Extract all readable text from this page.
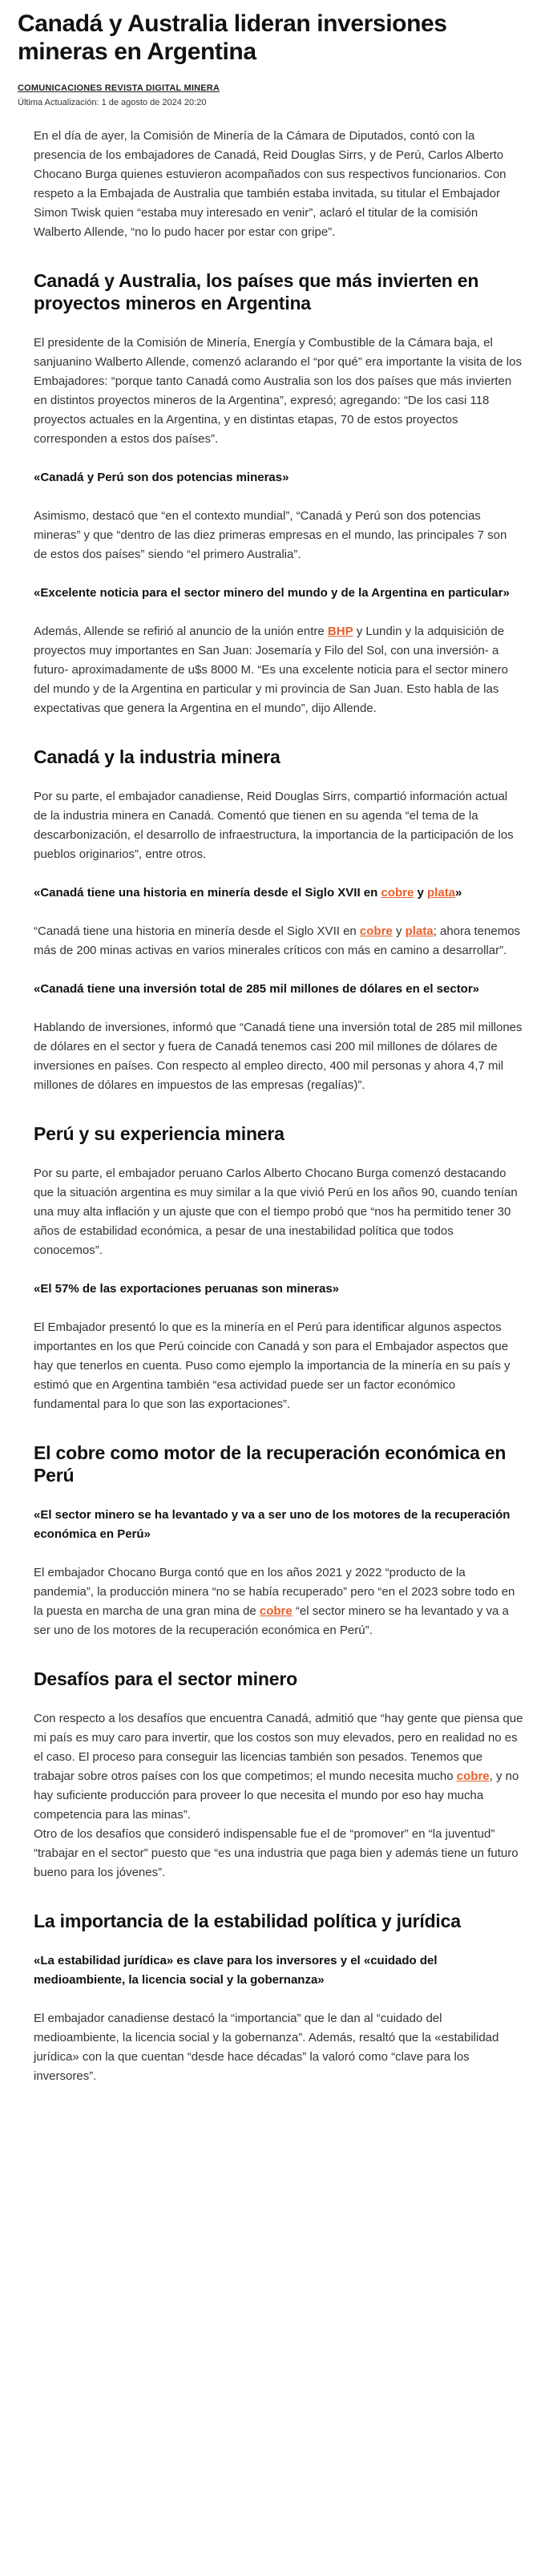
Canadá y Australia lideran inversiones mineras en Argentina
COMUNICACIONES REVISTA DIGITAL MINERA
Última Actualización: 1 de agosto de 2024 20:20

En el día de ayer, la Comisión de Minería de la Cámara de Diputados, contó con la presencia de los embajadores de Canadá, Reid Douglas Sirrs, y de Perú, Carlos Alberto Chocano Burga quienes estuvieron acompañados con sus respectivos funcionarios. Con respeto a la Embajada de Australia que también estaba invitada, su titular el Embajador Simon Twisk quien “estaba muy interesado en venir”, aclaró el titular de la comisión Walberto Allende, “no lo pudo hacer por estar con gripe”.

Canadá y Australia, los países que más invierten en proyectos mineros en Argentina

El presidente de la Comisión de Minería, Energía y Combustible de la Cámara baja, el sanjuanino Walberto Allende, comenzó aclarando el “por qué” era importante la visita de los Embajadores: “porque tanto Canadá como Australia son los dos países que más invierten en distintos proyectos mineros de la Argentina”, expresó; agregando: “De los casi 118 proyectos actuales en la Argentina, y en distintas etapas, 70 de estos proyectos corresponden a estos dos países”.

«Canadá y Perú son dos potencias mineras»

Asimismo, destacó que “en el contexto mundial”, “Canadá y Perú son dos potencias mineras” y que “dentro de las diez primeras empresas en el mundo, las principales 7 son de estos dos países” siendo “el primero Australia”.

«Excelente noticia para el sector minero del mundo y de la Argentina en particular»

Además, Allende se refirió al anuncio de la unión entre BHP y Lundin y la adquisición de proyectos muy importantes en San Juan: Josemaría y Filo del Sol, con una inversión- a futuro- aproximadamente de u$s 8000 M. “Es una excelente noticia para el sector minero del mundo y de la Argentina en particular y mi provincia de San Juan. Esto habla de las expectativas que genera la Argentina en el mundo”, dijo Allende.

Canadá y la industria minera

Por su parte, el embajador canadiense, Reid Douglas Sirrs, compartió información actual de la industria minera en Canadá. Comentó que tienen en su agenda “el tema de la descarbonización, el desarrollo de infraestructura, la importancia de la participación de los pueblos originarios”, entre otros.

«Canadá tiene una historia en minería desde el Siglo XVII en cobre y plata»

“Canadá tiene una historia en minería desde el Siglo XVII en cobre y plata; ahora tenemos más de 200 minas activas en varios minerales críticos con más en camino a desarrollar”.

«Canadá tiene una inversión total de 285 mil millones de dólares en el sector»

Hablando de inversiones, informó que “Canadá tiene una inversión total de 285 mil millones de dólares en el sector y fuera de Canadá tenemos casi 200 mil millones de dólares de inversiones en países. Con respecto al empleo directo, 400 mil personas y ahora 4,7 mil millones de dólares en impuestos de las empresas (regalías)”.

Perú y su experiencia minera

Por su parte, el embajador peruano Carlos Alberto Chocano Burga comenzó destacando que la situación argentina es muy similar a la que vivió Perú en los años 90, cuando tenían una muy alta inflación y un ajuste que con el tiempo probó que “nos ha permitido tener 30 años de estabilidad económica, a pesar de una inestabilidad política que todos conocemos”.

«El 57% de las exportaciones peruanas son mineras»

El Embajador presentó lo que es la minería en el Perú para identificar algunos aspectos importantes en los que Perú coincide con Canadá y son para el Embajador aspectos que hay que tenerlos en cuenta. Puso como ejemplo la importancia de la minería en su país y estimó que en Argentina también “esa actividad puede ser un factor económico fundamental para lo que son las exportaciones”.

El cobre como motor de la recuperación económica en Perú
«El sector minero se ha levantado y va a ser uno de los motores de la recuperación económica en Perú»

El embajador Chocano Burga contó que en los años 2021 y 2022 “producto de la pandemia”, la producción minera “no se había recuperado” pero “en el 2023 sobre todo en la puesta en marcha de una gran mina de cobre “el sector minero se ha levantado y va a ser uno de los motores de la recuperación económica en Perú”.

Desafíos para el sector minero

Con respecto a los desafíos que encuentra Canadá, admitió que “hay gente que piensa que mi país es muy caro para invertir, que los costos son muy elevados, pero en realidad no es el caso. El proceso para conseguir las licencias también son pesados. Tenemos que trabajar sobre otros países con los que competimos; el mundo necesita mucho cobre, y no hay suficiente producción para proveer lo que necesita el mundo por eso hay mucha competencia para las minas”.

Otro de los desafíos que consideró indispensable fue el de “promover” en “la juventud” “trabajar en el sector” puesto que “es una industria que paga bien y además tiene un futuro bueno para los jóvenes”.

La importancia de la estabilidad política y jurídica
«La estabilidad jurídica» es clave para los inversores y el «cuidado del medioambiente, la licencia social y la gobernanza»

El embajador canadiense destacó la “importancia” que le dan al “cuidado del medioambiente, la licencia social y la gobernanza”. Además, resaltó que la «estabilidad jurídica» con la que cuentan “desde hace décadas” la valoró como “clave para los inversores”.
